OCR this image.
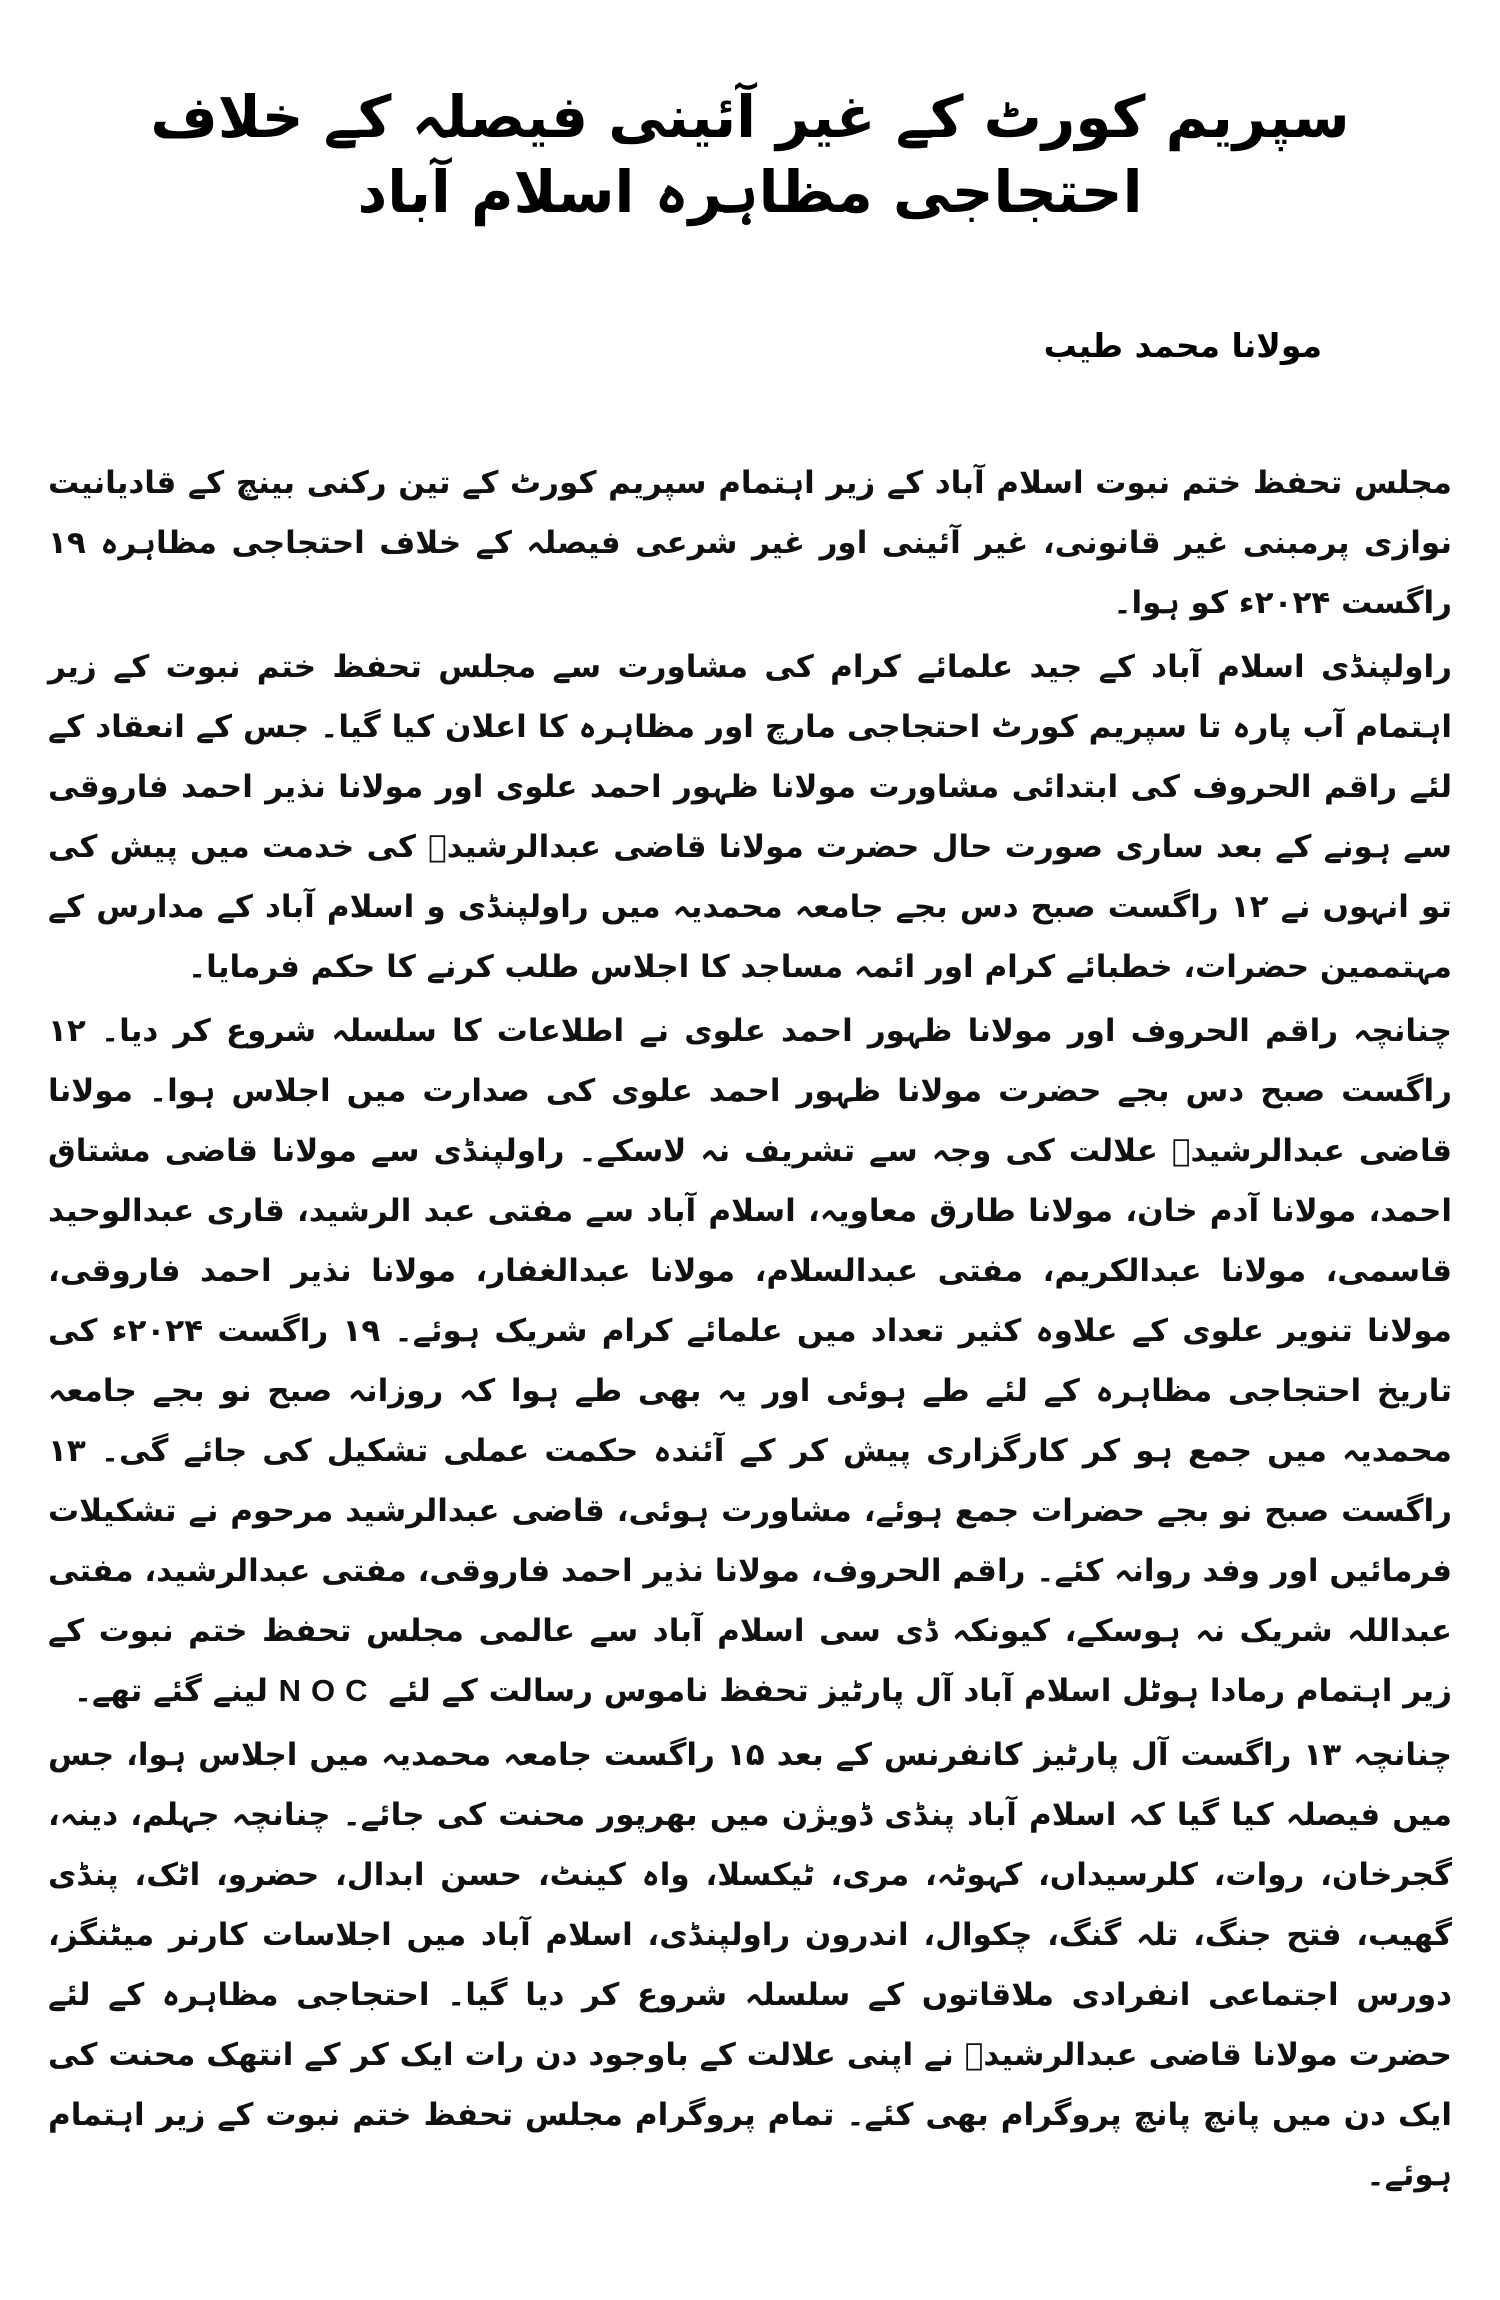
سپریم کورٹ کے غیر آئینی فیصلہ کے خلاف احتجاجی مظاہرہ اسلام آباد
مولانا محمد طیب

مجلس تحفظ ختم نبوت اسلام آباد کے زیر اہتمام سپریم کورٹ کے تین رکنی بینچ کے قادیانیت نوازی پرمبنی غیر قانونی، غیر آئینی اور غیر شرعی فیصلہ کے خلاف احتجاجی مظاہرہ ۱۹ راگست ۲۰۲۴ء کو ہوا۔

راولپنڈی اسلام آباد کے جید علمائے کرام کی مشاورت سے مجلس تحفظ ختم نبوت کے زیر اہتمام آب پارہ تا سپریم کورٹ احتجاجی مارچ اور مظاہرہ کا اعلان کیا گیا۔ جس کے انعقاد کے لئے راقم الحروف کی ابتدائی مشاورت مولانا ظہور احمد علوی اور مولانا نذیر احمد فاروقی سے ہونے کے بعد ساری صورت حال حضرت مولانا قاضی عبدالرشیدؒ کی خدمت میں پیش کی تو انہوں نے ۱۲ راگست صبح دس بجے جامعہ محمدیہ میں راولپنڈی و اسلام آباد کے مدارس کے مہتممین حضرات، خطبائے کرام اور ائمہ مساجد کا اجلاس طلب کرنے کا حکم فرمایا۔

چنانچہ راقم الحروف اور مولانا ظہور احمد علوی نے اطلاعات کا سلسلہ شروع کر دیا۔ ۱۲ راگست صبح دس بجے حضرت مولانا ظہور احمد علوی کی صدارت میں اجلاس ہوا۔ مولانا قاضی عبدالرشیدؒ علالت کی وجہ سے تشریف نہ لاسکے۔ راولپنڈی سے مولانا قاضی مشتاق احمد، مولانا آدم خان، مولانا طارق معاویہ، اسلام آباد سے مفتی عبد الرشید، قاری عبدالوحید قاسمی، مولانا عبدالکریم، مفتی عبدالسلام، مولانا عبدالغفار، مولانا نذیر احمد فاروقی، مولانا تنویر علوی کے علاوہ کثیر تعداد میں علمائے کرام شریک ہوئے۔ ۱۹ راگست ۲۰۲۴ء کی تاریخ احتجاجی مظاہرہ کے لئے طے ہوئی اور یہ بھی طے ہوا کہ روزانہ صبح نو بجے جامعہ محمدیہ میں جمع ہو کر کارگزاری پیش کر کے آئندہ حکمت عملی تشکیل کی جائے گی۔ ۱۳ راگست صبح نو بجے حضرات جمع ہوئے، مشاورت ہوئی، قاضی عبدالرشید مرحوم نے تشکیلات فرمائیں اور وفد روانہ کئے۔ راقم الحروف، مولانا نذیر احمد فاروقی، مفتی عبدالرشید، مفتی عبداللہ شریک نہ ہوسکے، کیونکہ ڈی سی اسلام آباد سے عالمی مجلس تحفظ ختم نبوت کے زیر اہتمام رمادا ہوٹل اسلام آباد آل پارٹیز تحفظ ناموس رسالت کے لئے NOC لینے گئے تھے۔

چنانچہ ۱۳ راگست آل پارٹیز کانفرنس کے بعد ۱۵ راگست جامعہ محمدیہ میں اجلاس ہوا، جس میں فیصلہ کیا گیا کہ اسلام آباد پنڈی ڈویژن میں بھرپور محنت کی جائے۔ چنانچہ جہلم، دینہ، گجرخان، روات، کلرسیداں، کہوٹہ، مری، ٹیکسلا، واہ کینٹ، حسن ابدال، حضرو، اٹک، پنڈی گھیب، فتح جنگ، تلہ گنگ، چکوال، اندرون راولپنڈی، اسلام آباد میں اجلاسات کارنر میٹنگز، دورس اجتماعی انفرادی ملاقاتوں کے سلسلہ شروع کر دیا گیا۔ احتجاجی مظاہرہ کے لئے حضرت مولانا قاضی عبدالرشیدؒ نے اپنی علالت کے باوجود دن رات ایک کر کے انتھک محنت کی ایک دن میں پانچ پانچ پروگرام بھی کئے۔ تمام پروگرام مجلس تحفظ ختم نبوت کے زیر اہتمام ہوئے۔
